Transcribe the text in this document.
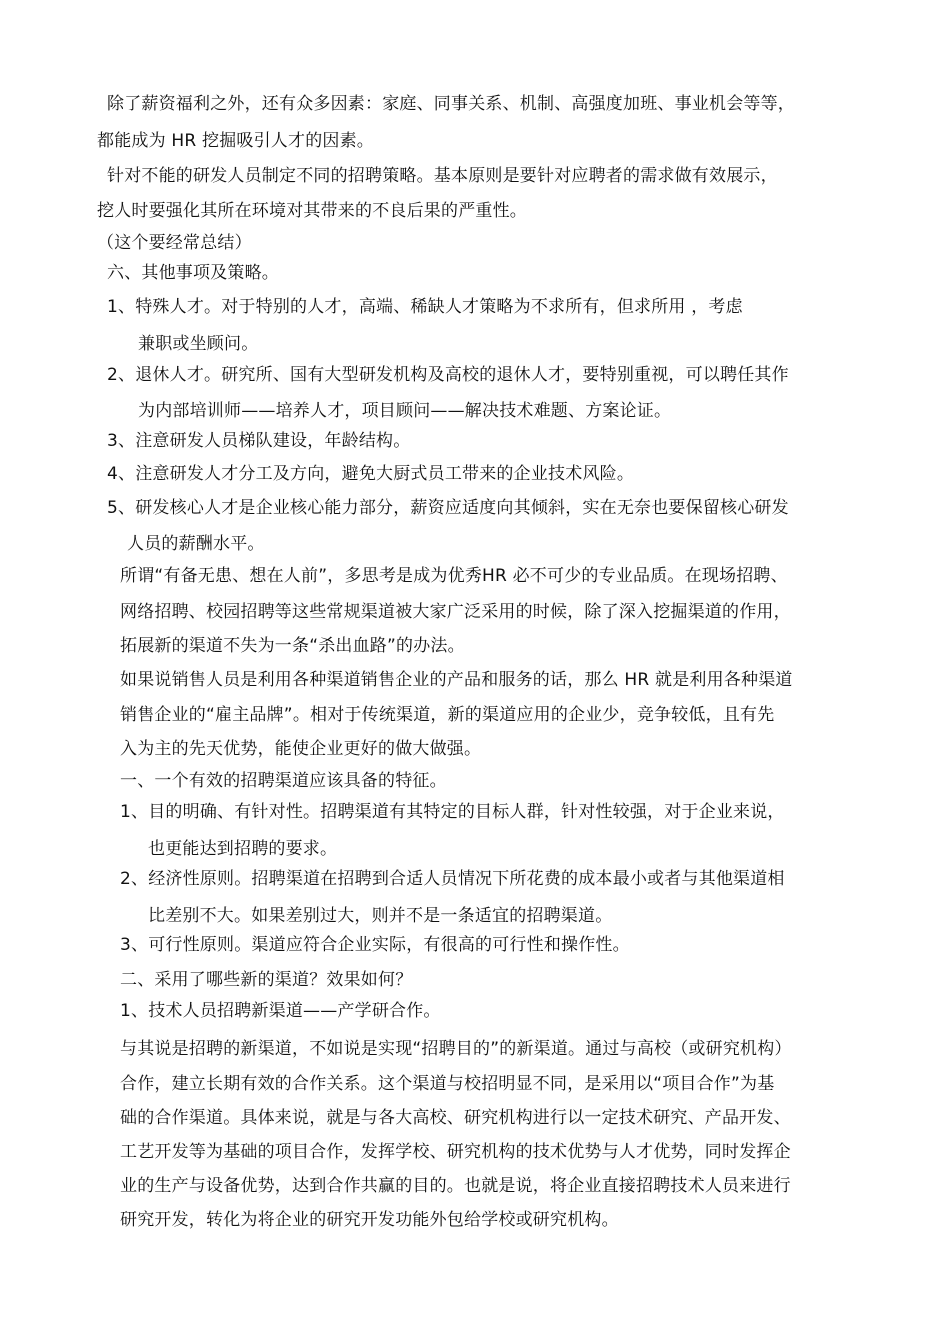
除了薪资福利之外，还有众多因素：家庭、同事关系、机制、高强度加班、事业机会等等，
都能成为 HR 挖掘吸引人才的因素。
针对不能的研发人员制定不同的招聘策略。基本原则是要针对应聘者的需求做有效展示，
挖人时要强化其所在环境对其带来的不良后果的严重性。
（这个要经常总结）
六、其他事项及策略。
1、特殊人才。对于特别的人才，高端、稀缺人才策略为不求所有，但求所用 ，考虑
兼职或坐顾问。
2、退休人才。研究所、国有大型研发机构及高校的退休人才，要特别重视，可以聘任其作
为内部培训师——培养人才，项目顾问——解决技术难题、方案论证。
3、注意研发人员梯队建设，年龄结构。
4、注意研发人才分工及方向，避免大厨式员工带来的企业技术风险。
5、研发核心人才是企业核心能力部分，薪资应适度向其倾斜，实在无奈也要保留核心研发
人员的薪酬水平。
所谓“有备无患、想在人前”，多思考是成为优秀HR 必不可少的专业品质。在现场招聘、
网络招聘、校园招聘等这些常规渠道被大家广泛采用的时候，除了深入挖掘渠道的作用，
拓展新的渠道不失为一条“杀出血路”的办法。
如果说销售人员是利用各种渠道销售企业的产品和服务的话，那么 HR 就是利用各种渠道
销售企业的“雇主品牌”。相对于传统渠道，新的渠道应用的企业少，竞争较低，且有先
入为主的先天优势，能使企业更好的做大做强。
一、一个有效的招聘渠道应该具备的特征。
1、目的明确、有针对性。招聘渠道有其特定的目标人群，针对性较强，对于企业来说，
也更能达到招聘的要求。
2、经济性原则。招聘渠道在招聘到合适人员情况下所花费的成本最小或者与其他渠道相
比差别不大。如果差别过大，则并不是一条适宜的招聘渠道。
3、可行性原则。渠道应符合企业实际，有很高的可行性和操作性。
二、采用了哪些新的渠道？效果如何？
1、技术人员招聘新渠道——产学研合作。
与其说是招聘的新渠道，不如说是实现“招聘目的”的新渠道。通过与高校（或研究机构）
合作，建立长期有效的合作关系。这个渠道与校招明显不同，是采用以“项目合作”为基
础的合作渠道。具体来说，就是与各大高校、研究机构进行以一定技术研究、产品开发、
工艺开发等为基础的项目合作，发挥学校、研究机构的技术优势与人才优势，同时发挥企
业的生产与设备优势，达到合作共赢的目的。也就是说，将企业直接招聘技术人员来进行
研究开发，转化为将企业的研究开发功能外包给学校或研究机构。
